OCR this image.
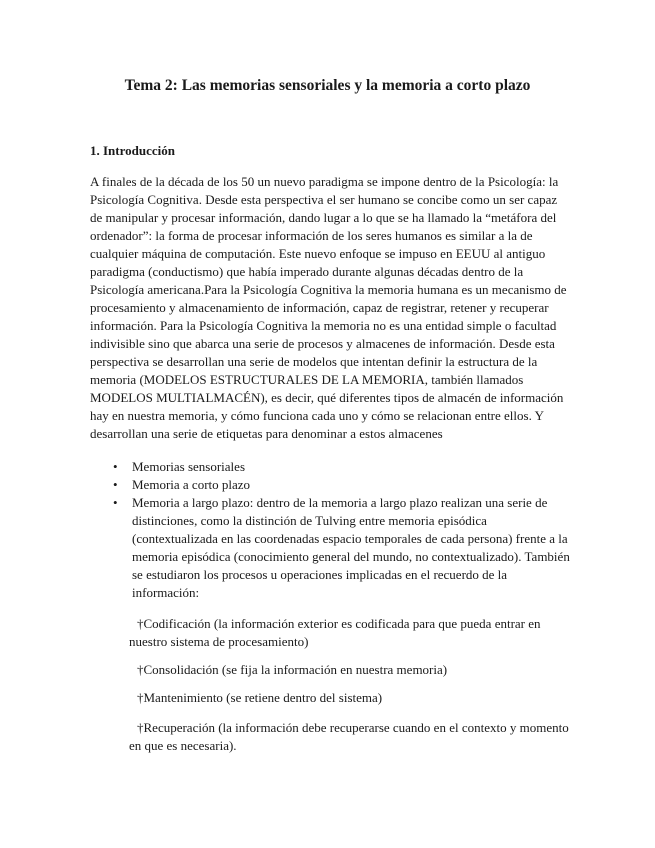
Tema 2: Las memorias sensoriales y la memoria a corto plazo
1. Introducción

A finales de la década de los 50 un nuevo paradigma se impone dentro de la Psicología: la Psicología Cognitiva. Desde esta perspectiva el ser humano se concibe como un ser capaz de manipular y procesar información, dando lugar a lo que se ha llamado la “metáfora del ordenador”: la forma de procesar información de los seres humanos es similar a la de cualquier máquina de computación. Este nuevo enfoque se impuso en EEUU al antiguo paradigma (conductismo) que había imperado durante algunas décadas dentro de la Psicología americana.Para la Psicología Cognitiva la memoria humana es un mecanismo de procesamiento y almacenamiento de información, capaz de registrar, retener y recuperar información. Para la Psicología Cognitiva la memoria no es una entidad simple o facultad indivisible sino que abarca una serie de procesos y almacenes de información. Desde esta perspectiva se desarrollan una serie de modelos que intentan definir la estructura de la memoria (MODELOS ESTRUCTURALES DE LA MEMORIA, también llamados MODELOS MULTIALMACÉN), es decir, qué diferentes tipos de almacén de información hay en nuestra memoria, y cómo funciona cada uno y cómo se relacionan entre ellos. Y desarrollan una serie de etiquetas para denominar a estos almacenes

• Memorias sensoriales
• Memoria a corto plazo
• Memoria a largo plazo: dentro de la memoria a largo plazo realizan una serie de distinciones, como la distinción de Tulving entre memoria episódica (contextualizada en las coordenadas espacio temporales de cada persona) frente a la memoria episódica (conocimiento general del mundo, no contextualizado). También se estudiaron los procesos u operaciones implicadas en el recuerdo de la información:

†Codificación (la información exterior es codificada para que pueda entrar en nuestro sistema de procesamiento)

†Consolidación (se fija la información en nuestra memoria)

†Mantenimiento (se retiene dentro del sistema)

†Recuperación (la información debe recuperarse cuando en el contexto y momento en que es necesaria).
